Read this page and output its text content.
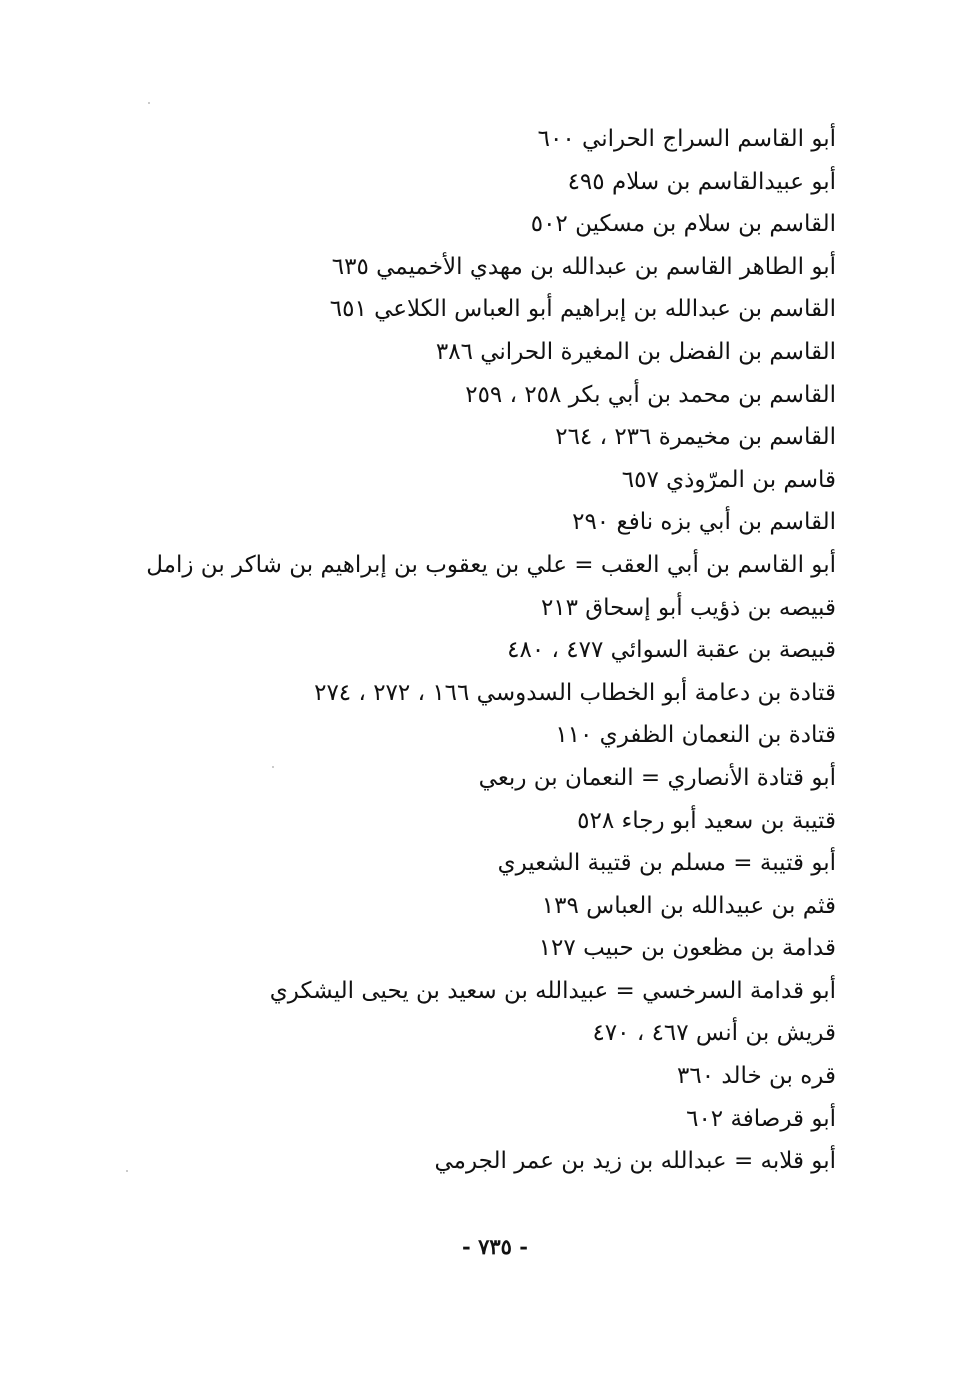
أبو القاسم السراج الحراني ٦٠٠
أبو عبيدالقاسم بن سلام ٤٩٥
القاسم بن سلام بن مسكين ٥٠٢
أبو الطاهر القاسم بن عبدالله بن مهدي الأخميمي ٦٣٥
القاسم بن عبدالله بن إبراهيم أبو العباس الكلاعي ٦٥١
القاسم بن الفضل بن المغيرة الحراني ٣٨٦
القاسم بن محمد بن أبي بكر ٢٥٨ ، ٢٥٩
القاسم بن مخيمرة ٢٣٦ ، ٢٦٤
قاسم بن المرّوذي ٦٥٧
القاسم بن أبي بزه نافع ٢٩٠
أبو القاسم بن أبي العقب = علي بن يعقوب بن إبراهيم بن شاكر بن زامل
قبيصه بن ذؤيب أبو إسحاق ٢١٣
قبيصة بن عقبة السوائي ٤٧٧ ، ٤٨٠
قتادة بن دعامة أبو الخطاب السدوسي ١٦٦ ، ٢٧٢ ، ٢٧٤
قتادة بن النعمان الظفري ١١٠
أبو قتادة الأنصاري = النعمان بن ربعي
قتيبة بن سعيد أبو رجاء ٥٢٨
أبو قتيبة = مسلم بن قتيبة الشعيري
قثم بن عبيدالله بن العباس ١٣٩
قدامة بن مظعون بن حبيب ١٢٧
أبو قدامة السرخسي = عبيدالله بن سعيد بن يحيى اليشكري
قريش بن أنس ٤٦٧ ، ٤٧٠
قره بن خالد ٣٦٠
أبو قرصافة ٦٠٢
أبو قلابه = عبدالله بن زيد بن عمر الجرمي
- ٧٣٥ -
